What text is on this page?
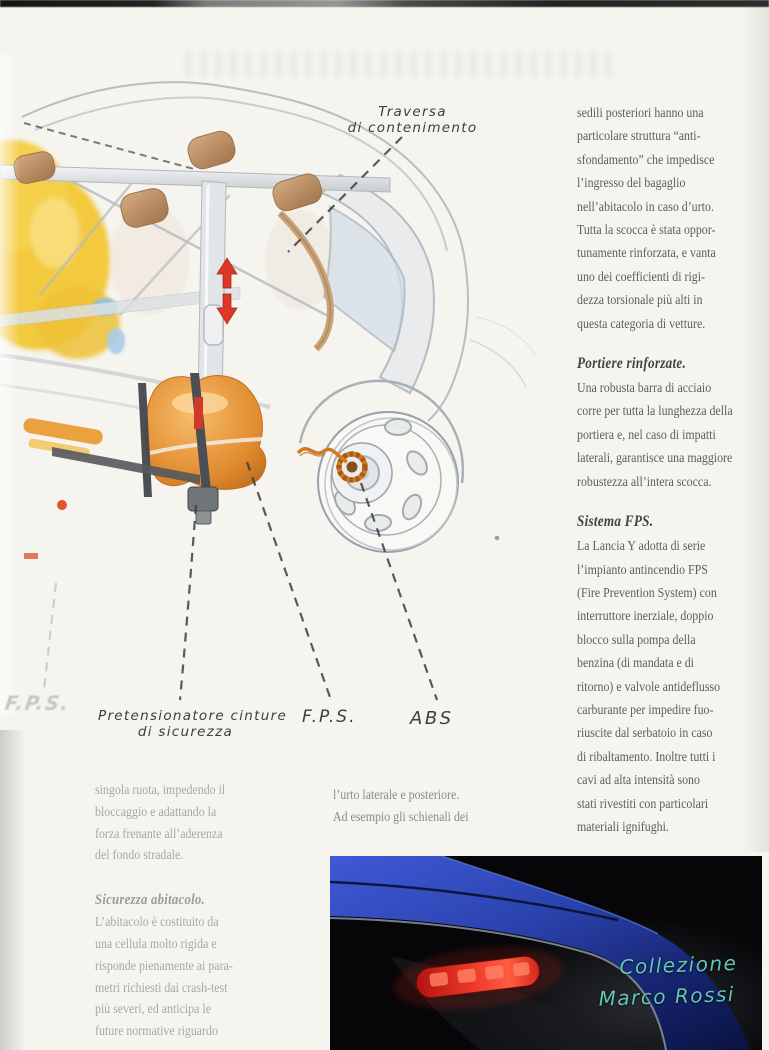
Traversa
di contenimento
F.P.S.
Pretensionatore cinture
di sicurezza
F.P.S.	ABS
sedili posteriori hanno una
particolare struttura “anti-
sfondamento” che impedisce
l’ingresso del bagaglio
nell’abitacolo in caso d’urto.
Tutta la scocca è stata oppor-
tunamente rinforzata, e vanta
uno dei coefficienti di rigi-
dezza torsionale più alti in
questa categoria di vetture.
Portiere rinforzate.
Una robusta barra di acciaio
corre per tutta la lunghezza della
portiera e, nel caso di impatti
laterali, garantisce una maggiore
robustezza all’intera scocca.
Sistema FPS.
La Lancia Y adotta di serie
l’impianto antincendio FPS
(Fire Prevention System) con
interruttore inerziale, doppio
blocco sulla pompa della
benzina (di mandata e di
ritorno) e valvole antideflusso
carburante per impedire fuo-
riuscite dal serbatoio in caso
di ribaltamento. Inoltre tutti i
cavi ad alta intensità sono
stati rivestiti con particolari
materiali ignifughi.
singola ruota, impedendo il
bloccaggio e adattando la
forza frenante all’aderenza
del fondo stradale.
Sicurezza abitacolo.
L’abitacolo è costituito da
una cellula molto rigida e
risponde pienamente ai para-
metri richiesti dai crash-test
più severi, ed anticipa le
future normative riguardo
l’urto laterale e posteriore.
Ad esempio gli schienali dei
Collezione
Marco Rossi
